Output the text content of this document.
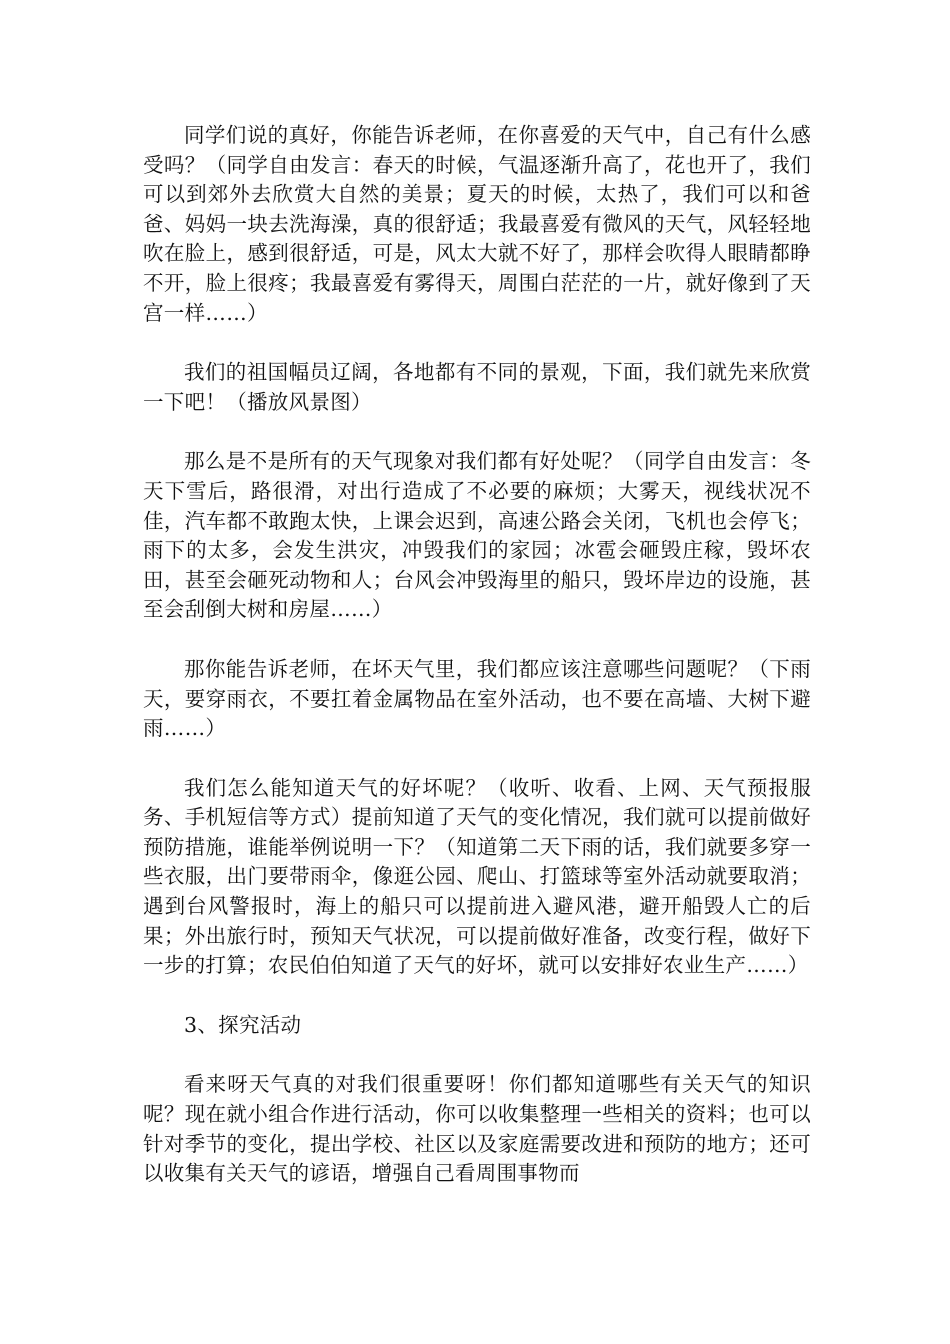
同学们说的真好，你能告诉老师，在你喜爱的天气中，自己有什么感受吗？（同学自由发言：春天的时候，气温逐渐升高了，花也开了，我们可以到郊外去欣赏大自然的美景；夏天的时候，太热了，我们可以和爸爸、妈妈一块去洗海澡，真的很舒适；我最喜爱有微风的天气，风轻轻地吹在脸上，感到很舒适，可是，风太大就不好了，那样会吹得人眼睛都睁不开，脸上很疼；我最喜爱有雾得天，周围白茫茫的一片，就好像到了天宫一样……）

我们的祖国幅员辽阔，各地都有不同的景观，下面，我们就先来欣赏一下吧！（播放风景图）

那么是不是所有的天气现象对我们都有好处呢？（同学自由发言：冬天下雪后，路很滑，对出行造成了不必要的麻烦；大雾天，视线状况不佳，汽车都不敢跑太快，上课会迟到，高速公路会关闭，飞机也会停飞；雨下的太多，会发生洪灾，冲毁我们的家园；冰雹会砸毁庄稼，毁坏农田，甚至会砸死动物和人；台风会冲毁海里的船只，毁坏岸边的设施，甚至会刮倒大树和房屋……）

那你能告诉老师，在坏天气里，我们都应该注意哪些问题呢？（下雨天，要穿雨衣，不要扛着金属物品在室外活动，也不要在高墙、大树下避雨……）

我们怎么能知道天气的好坏呢？（收听、收看、上网、天气预报服务、手机短信等方式）提前知道了天气的变化情况，我们就可以提前做好预防措施，谁能举例说明一下？（知道第二天下雨的话，我们就要多穿一些衣服，出门要带雨伞，像逛公园、爬山、打篮球等室外活动就要取消；遇到台风警报时，海上的船只可以提前进入避风港，避开船毁人亡的后果；外出旅行时，预知天气状况，可以提前做好准备，改变行程，做好下一步的打算；农民伯伯知道了天气的好坏，就可以安排好农业生产……）

3、探究活动

看来呀天气真的对我们很重要呀！你们都知道哪些有关天气的知识呢？现在就小组合作进行活动，你可以收集整理一些相关的资料；也可以针对季节的变化，提出学校、社区以及家庭需要改进和预防的地方；还可以收集有关天气的谚语，增强自己看周围事物而
